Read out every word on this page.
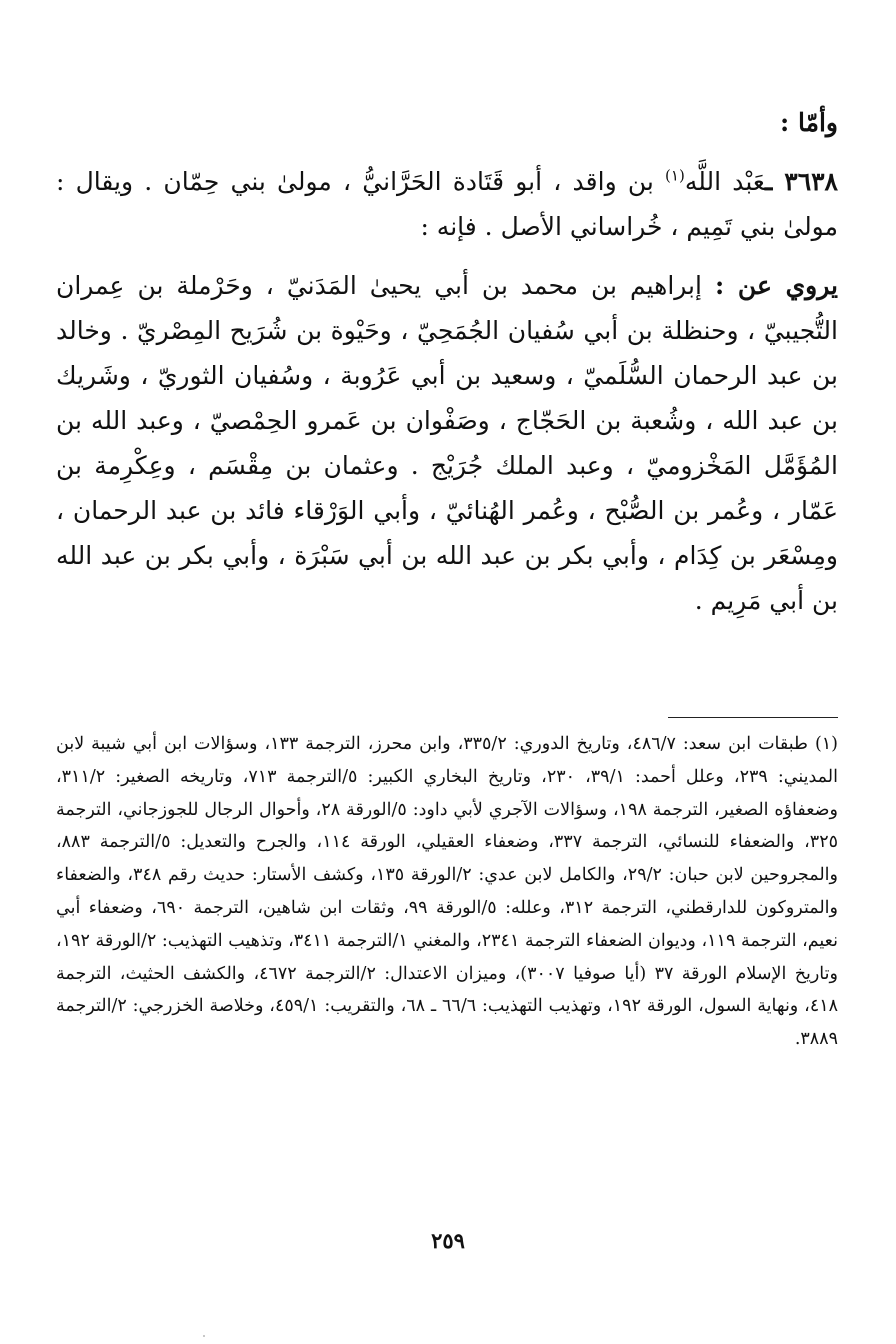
وأمّا :

٣٦٣٨ ـعَبْد اللَّه$^{(١)}$ بن واقد ، أبو قَتَادة الحَرَّانيُّ ، مولىٰ بني حِمّان . ويقال : مولىٰ بني تَمِيم ، خُراساني الأصل . فإنه :

يروي عن : إبراهيم بن محمد بن أبي يحيىٰ المَدَنيّ ، وحَرْملة بن عِمران التُّجيبيّ ، وحنظلة بن أبي سُفيان الجُمَحِيّ ، وحَيْوة بن شُرَيح المِصْريّ . وخالد بن عبد الرحمان السُّلَميّ ، وسعيد بن أبي عَرُوبة ، وسُفيان الثوريّ ، وشَريك بن عبد الله ، وشُعبة بن الحَجّاج ، وصَفْوان بن عَمرو الحِمْصيّ ، وعبد الله بن المُؤَمَّل المَخْزوميّ ، وعبد الملك جُرَيْج . وعثمان بن مِقْسَم ، وعِكْرِمة بن عَمّار ، وعُمر بن الصُّبْح ، وعُمر الهُنائيّ ، وأبي الوَرْقاء فائد بن عبد الرحمان ، ومِسْعَر بن كِدَام ، وأبي بكر بن عبد الله بن أبي سَبْرَة ، وأبي بكر بن عبد الله بن أبي مَرِيم .

(١) طبقات ابن سعد: ٤٨٦/٧، وتاريخ الدوري: ٣٣٥/٢، وابن محرز، الترجمة ١٣٣، وسؤالات ابن أبي شيبة لابن المديني: ٢٣٩، وعلل أحمد: ٣٩/١، ٢٣٠، وتاريخ البخاري الكبير: ٥/الترجمة ٧١٣، وتاريخه الصغير: ٣١١/٢، وضعفاؤه الصغير، الترجمة ١٩٨، وسؤالات الآجري لأبي داود: ٥/الورقة ٢٨، وأحوال الرجال للجوزجاني، الترجمة ٣٢٥، والضعفاء للنسائي، الترجمة ٣٣٧، وضعفاء العقيلي، الورقة ١١٤، والجرح والتعديل: ٥/الترجمة ٨٨٣، والمجروحين لابن حبان: ٢٩/٢، والكامل لابن عدي: ٢/الورقة ١٣٥، وكشف الأستار: حديث رقم ٣٤٨، والضعفاء والمتروكون للدارقطني، الترجمة ٣١٢، وعلله: ٥/الورقة ٩٩، وثقات ابن شاهين، الترجمة ٦٩٠، وضعفاء أبي نعيم، الترجمة ١١٩، وديوان الضعفاء الترجمة ٢٣٤١، والمغني ١/الترجمة ٣٤١١، وتذهيب التهذيب: ٢/الورقة ١٩٢، وتاريخ الإسلام الورقة ٣٧ (أيا صوفيا ٣٠٠٧)، وميزان الاعتدال: ٢/الترجمة ٤٦٧٢، والكشف الحثيث، الترجمة ٤١٨، ونهاية السول، الورقة ١٩٢، وتهذيب التهذيب: ٦٦/٦ ـ ٦٨، والتقريب: ٤٥٩/١، وخلاصة الخزرجي: ٢/الترجمة ٣٨٨٩.

٢٥٩
